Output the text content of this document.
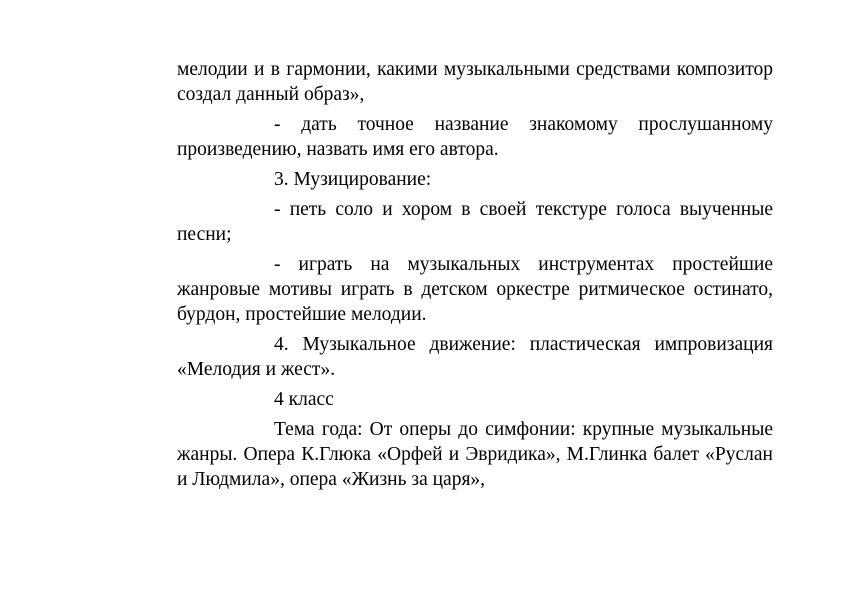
мелодии и в гармонии, какими музыкальными средствами композитор создал данный образ»,

- дать точное название знакомому прослушанному произведению, назвать имя его автора.

3. Музицирование:

- петь соло и хором в своей текстуре голоса выученные песни;

- играть на музыкальных инструментах простейшие жанровые мотивы играть в детском оркестре ритмическое остинато, бурдон, простейшие мелодии.

4. Музыкальное движение: пластическая импровизация «Мелодия и жест».

4 класс

Тема года: От оперы до симфонии: крупные музыкальные жанры. Опера К.Глюка «Орфей и Эвридика», М.Глинка балет «Руслан и Людмила», опера «Жизнь за царя»,
